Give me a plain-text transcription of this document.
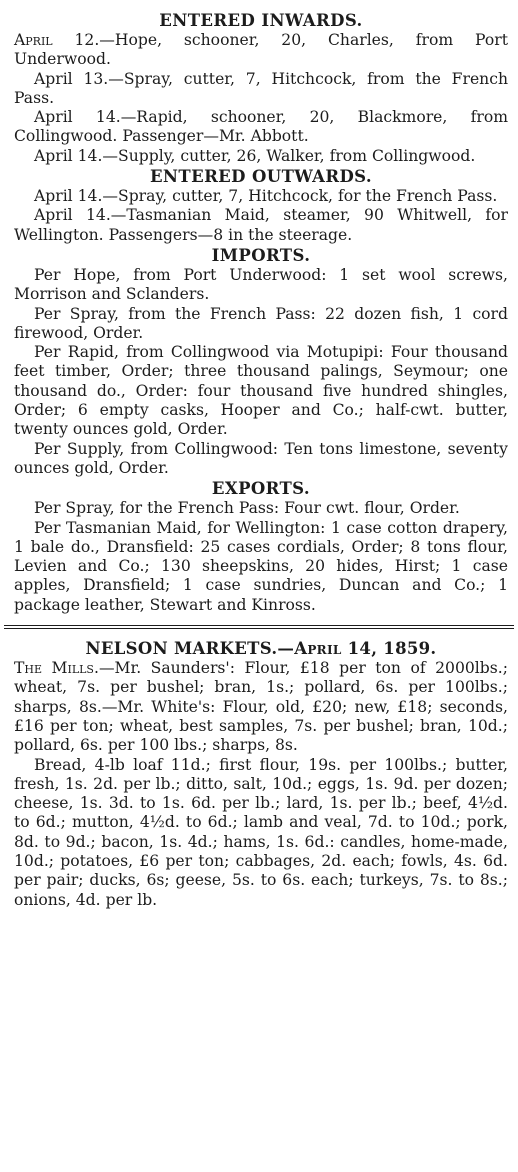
ENTERED INWARDS.

April 12.—Hope, schooner, 20, Charles, from Port Underwood.

April 13.—Spray, cutter, 7, Hitchcock, from the French Pass.

April 14.—Rapid, schooner, 20, Blackmore, from Collingwood. Passenger—Mr. Abbott.

April 14.—Supply, cutter, 26, Walker, from Collingwood.

ENTERED OUTWARDS.

April 14.—Spray, cutter, 7, Hitchcock, for the French Pass.

April 14.—Tasmanian Maid, steamer, 90 Whitwell, for Wellington. Passengers—8 in the steerage.

IMPORTS.

Per Hope, from Port Underwood: 1 set wool screws, Morrison and Sclanders.

Per Spray, from the French Pass: 22 dozen fish, 1 cord firewood, Order.

Per Rapid, from Collingwood via Motupipi: Four thousand feet timber, Order; three thousand palings, Seymour; one thousand do., Order: four thousand five hundred shingles, Order; 6 empty casks, Hooper and Co.; half-cwt. butter, twenty ounces gold, Order.

Per Supply, from Collingwood: Ten tons limestone, seventy ounces gold, Order.

EXPORTS.

Per Spray, for the French Pass: Four cwt. flour, Order.

Per Tasmanian Maid, for Wellington: 1 case cotton drapery, 1 bale do., Dransfield: 25 cases cordials, Order; 8 tons flour, Levien and Co.; 130 sheepskins, 20 hides, Hirst; 1 case apples, Dransfield; 1 case sundries, Duncan and Co.; 1 package leather, Stewart and Kinross.

NELSON MARKETS.—April 14, 1859.

The Mills.—Mr. Saunders': Flour, £18 per ton of 2000lbs.; wheat, 7s. per bushel; bran, 1s.; pollard, 6s. per 100lbs.; sharps, 8s.—Mr. White's: Flour, old, £20; new, £18; seconds, £16 per ton; wheat, best samples, 7s. per bushel; bran, 10d.; pollard, 6s. per 100 lbs.; sharps, 8s.

Bread, 4-lb loaf 11d.; first flour, 19s. per 100lbs.; butter, fresh, 1s. 2d. per lb.; ditto, salt, 10d.; eggs, 1s. 9d. per dozen; cheese, 1s. 3d. to 1s. 6d. per lb.; lard, 1s. per lb.; beef, 4½d. to 6d.; mutton, 4½d. to 6d.; lamb and veal, 7d. to 10d.; pork, 8d. to 9d.; bacon, 1s. 4d.; hams, 1s. 6d.: candles, home-made, 10d.; potatoes, £6 per ton; cabbages, 2d. each; fowls, 4s. 6d. per pair; ducks, 6s; geese, 5s. to 6s. each; turkeys, 7s. to 8s.; onions, 4d. per lb.
